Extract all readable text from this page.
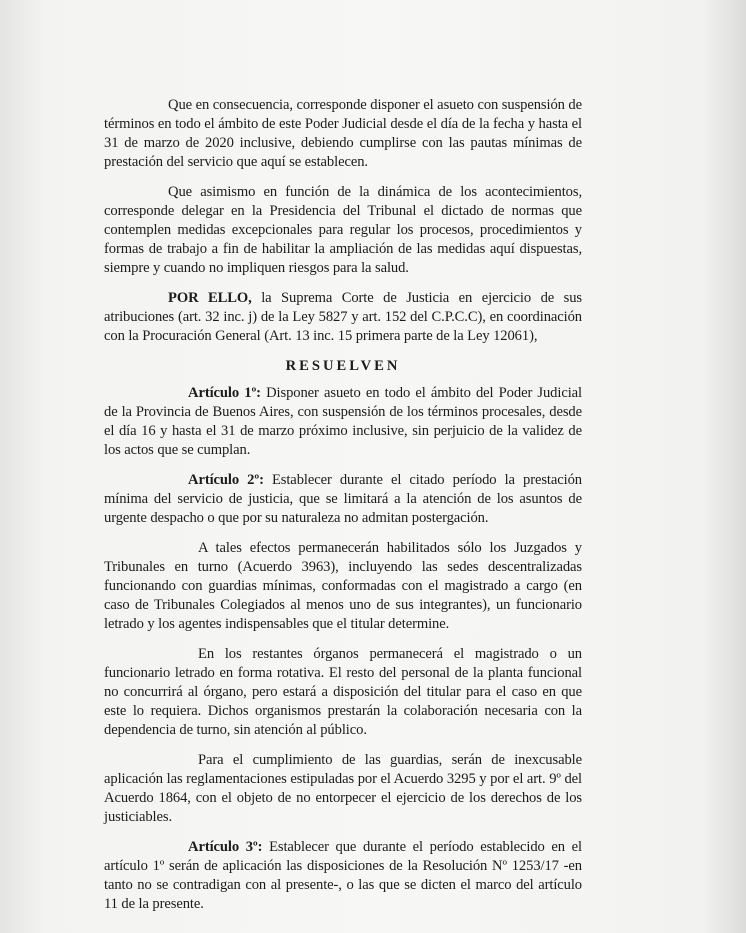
Que en consecuencia, corresponde disponer el asueto con suspensión de términos en todo el ámbito de este Poder Judicial desde el día de la fecha y hasta el 31 de marzo de 2020 inclusive, debiendo cumplirse con las pautas mínimas de prestación del servicio que aquí se establecen.

Que asimismo en función de la dinámica de los acontecimientos, corresponde delegar en la Presidencia del Tribunal el dictado de normas que contemplen medidas excepcionales para regular los procesos, procedimientos y formas de trabajo a fin de habilitar la ampliación de las medidas aquí dispuestas, siempre y cuando no impliquen riesgos para la salud.

POR ELLO, la Suprema Corte de Justicia en ejercicio de sus atribuciones (art. 32 inc. j) de la Ley 5827 y art. 152 del C.P.C.C), en coordinación con la Procuración General (Art. 13 inc. 15 primera parte de la Ley 12061),

RESUELVEN

Artículo 1º: Disponer asueto en todo el ámbito del Poder Judicial de la Provincia de Buenos Aires, con suspensión de los términos procesales, desde el día 16 y hasta el 31 de marzo próximo inclusive, sin perjuicio de la validez de los actos que se cumplan.

Artículo 2º: Establecer durante el citado período la prestación mínima del servicio de justicia, que se limitará a la atención de los asuntos de urgente despacho o que por su naturaleza no admitan postergación.

A tales efectos permanecerán habilitados sólo los Juzgados y Tribunales en turno (Acuerdo 3963), incluyendo las sedes descentralizadas funcionando con guardias mínimas, conformadas con el magistrado a cargo (en caso de Tribunales Colegiados al menos uno de sus integrantes), un funcionario letrado y los agentes indispensables que el titular determine.

En los restantes órganos permanecerá el magistrado o un funcionario letrado en forma rotativa. El resto del personal de la planta funcional no concurrirá al órgano, pero estará a disposición del titular para el caso en que este lo requiera. Dichos organismos prestarán la colaboración necesaria con la dependencia de turno, sin atención al público.

Para el cumplimiento de las guardias, serán de inexcusable aplicación las reglamentaciones estipuladas por el Acuerdo 3295 y por el art. 9º del Acuerdo 1864, con el objeto de no entorpecer el ejercicio de los derechos de los justiciables.

Artículo 3º: Establecer que durante el período establecido en el artículo 1º serán de aplicación las disposiciones de la Resolución Nº 1253/17 -en tanto no se contradigan con al presente-, o las que se dicten el marco del artículo 11 de la presente.
